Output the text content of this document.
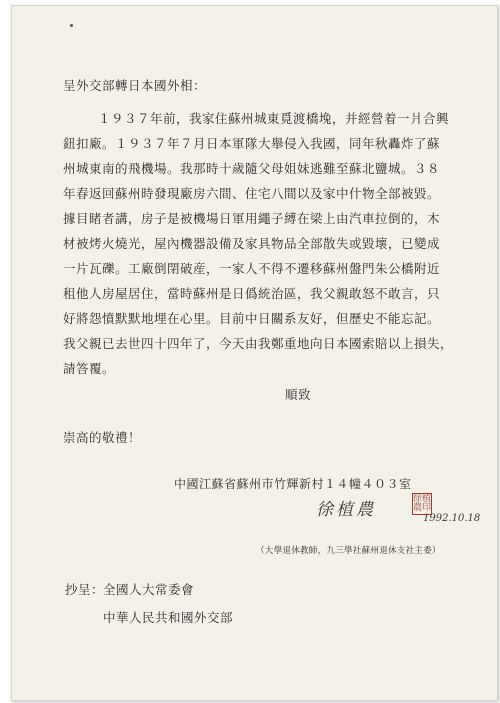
呈外交部轉日本國外相：
１９３７年前，我家住蘇州城東覓渡橋堍，并經營着一爿合興
鈕扣廠。１９３７年７月日本軍隊大舉侵入我國，同年秋轟炸了蘇
州城東南的飛機場。我那時十歲隨父母姐妹逃難至蘇北鹽城。３８
年春返回蘇州時發現廠房六間、住宅八間以及家中什物全部被毀。
據目睹者講，房子是被機場日軍用繩子縛在梁上由汽車拉倒的，木
材被烤火燒光，屋內機器設備及家具物品全部散失或毀壞，已變成
一片瓦礫。工廠倒閉破産，一家人不得不遷移蘇州盤門朱公橋附近
租他人房屋居住，當時蘇州是日僞統治區，我父親敢怒不敢言，只
好將怨憤默默地埋在心里。目前中日關系友好，但歷史不能忘記。
我父親已去世四十四年了，今天由我鄭重地向日本國索賠以上損失，
請答覆。
順致
崇高的敬禮！
中國江蘇省蘇州市竹輝新村１４幢４０３室
徐植農
徐植農印
1992.10.18
（大學退休教師，九三學社蘇州退休支社主委）
抄呈：
全國人大常委會
中華人民共和國外交部
